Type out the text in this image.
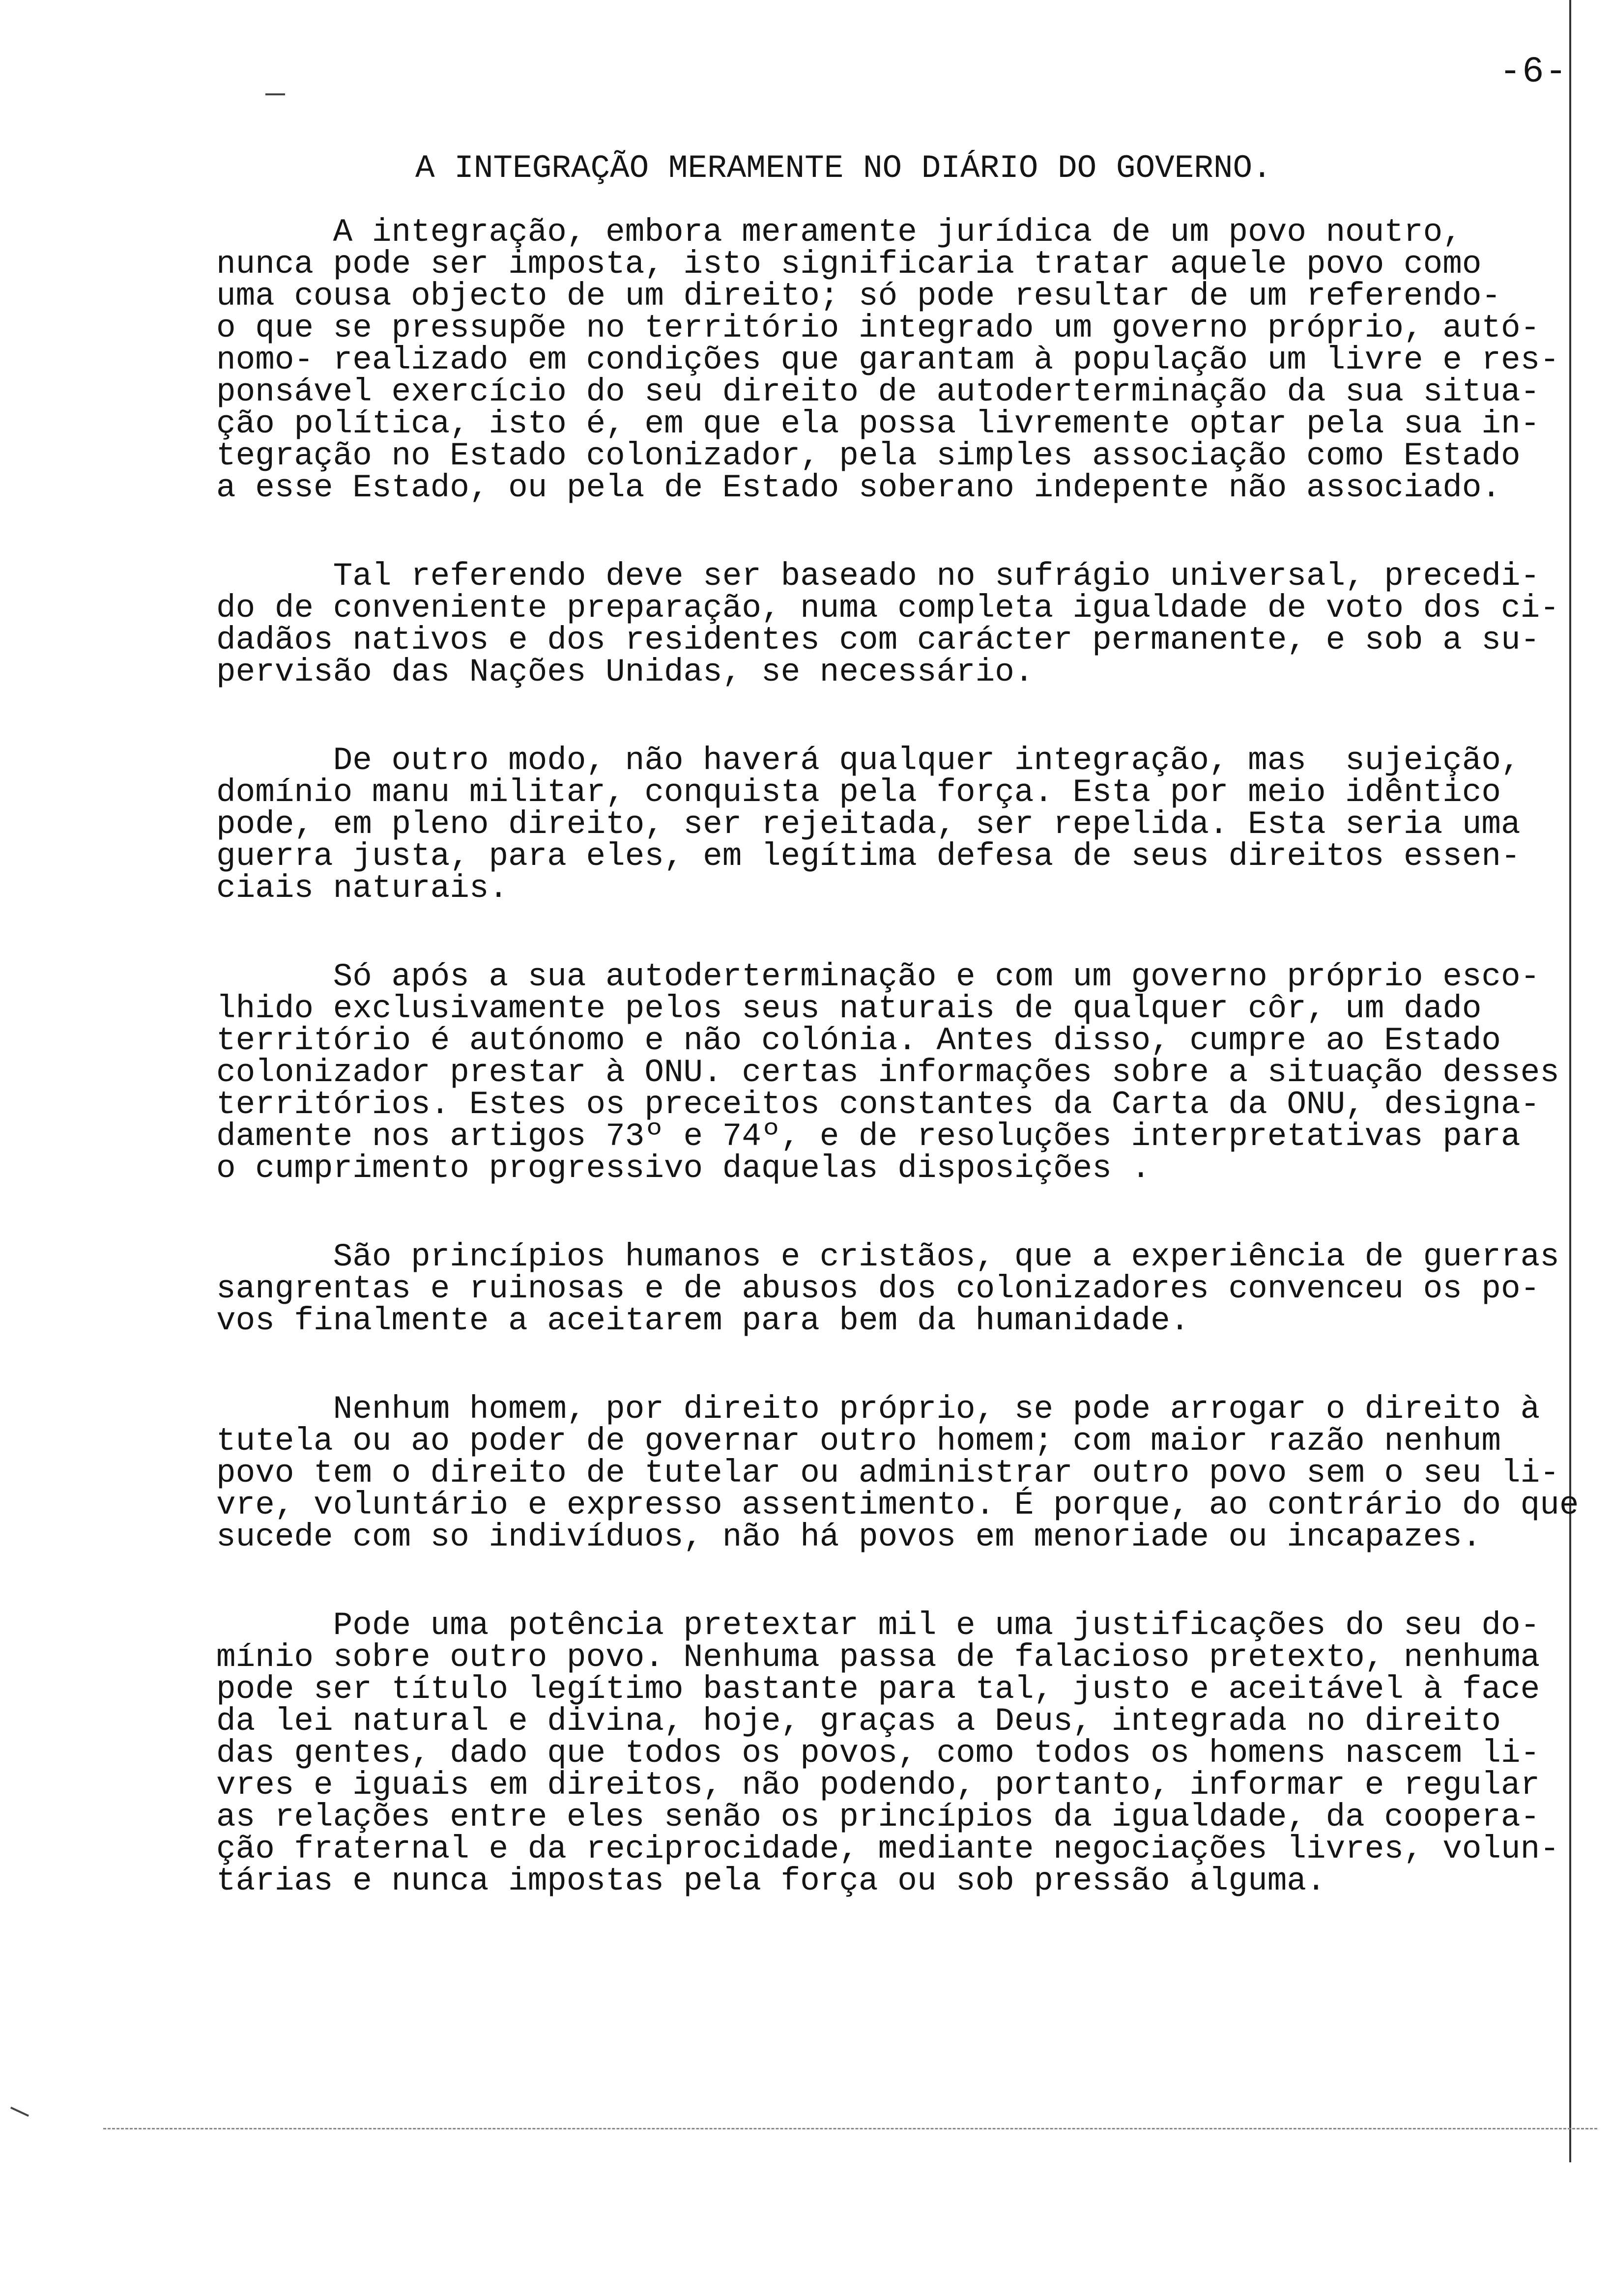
-6-
A INTEGRAÇÃO MERAMENTE NO DIÁRIO DO GOVERNO.
A integração, embora meramente jurídica de um povo noutro,
nunca pode ser imposta, isto significaria tratar aquele povo como
uma cousa objecto de um direito; só pode resultar de um referendo-
o que se pressupõe no território integrado um governo próprio, autó-
nomo- realizado em condições que garantam à população um livre e res-
ponsável exercício do seu direito de autoderterminação da sua situa-
ção política, isto é, em que ela possa livremente optar pela sua in-
tegração no Estado colonizador, pela simples associação como Estado
a esse Estado, ou pela de Estado soberano indepente não associado.
Tal referendo deve ser baseado no sufrágio universal, precedi-
do de conveniente preparação, numa completa igualdade de voto dos ci-
dadãos nativos e dos residentes com carácter permanente, e sob a su-
pervisão das Nações Unidas, se necessário.
De outro modo, não haverá qualquer integração, mas  sujeição,
domínio manu militar, conquista pela força. Esta por meio idêntico
pode, em pleno direito, ser rejeitada, ser repelida. Esta seria uma
guerra justa, para eles, em legítima defesa de seus direitos essen-
ciais naturais.
Só após a sua autoderterminação e com um governo próprio esco-
lhido exclusivamente pelos seus naturais de qualquer côr, um dado
território é autónomo e não colónia. Antes disso, cumpre ao Estado
colonizador prestar à ONU. certas informações sobre a situação desses
territórios. Estes os preceitos constantes da Carta da ONU, designa-
damente nos artigos 73º e 74º, e de resoluções interpretativas para
o cumprimento progressivo daquelas disposições .
São princípios humanos e cristãos, que a experiência de guerras
sangrentas e ruinosas e de abusos dos colonizadores convenceu os po-
vos finalmente a aceitarem para bem da humanidade.
Nenhum homem, por direito próprio, se pode arrogar o direito à
tutela ou ao poder de governar outro homem; com maior razão nenhum
povo tem o direito de tutelar ou administrar outro povo sem o seu li-
vre, voluntário e expresso assentimento. É porque, ao contrário do que
sucede com so indivíduos, não há povos em menoriade ou incapazes.
Pode uma potência pretextar mil e uma justificações do seu do-
mínio sobre outro povo. Nenhuma passa de falacioso pretexto, nenhuma
pode ser título legítimo bastante para tal, justo e aceitável à face
da lei natural e divina, hoje, graças a Deus, integrada no direito
das gentes, dado que todos os povos, como todos os homens nascem li-
vres e iguais em direitos, não podendo, portanto, informar e regular
as relações entre eles senão os princípios da igualdade, da coopera-
ção fraternal e da reciprocidade, mediante negociações livres, volun-
tárias e nunca impostas pela força ou sob pressão alguma.
